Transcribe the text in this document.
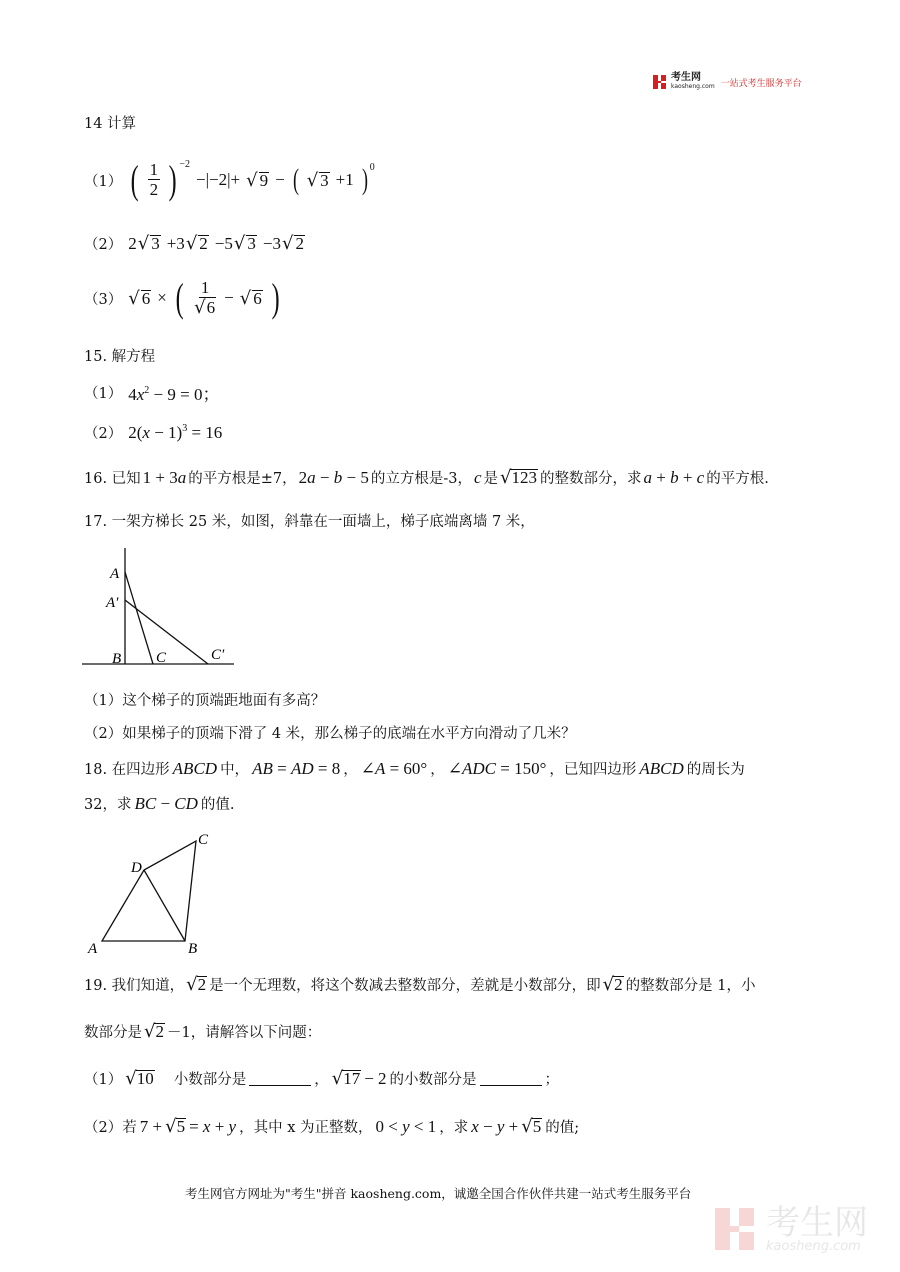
考生网
kaosheng.com 一站式考生服务平台
14 计算
（1） ( $\frac{1}{2}$ ) −2
−|−2|+ √ 9 − ( √ 3 +1 ) 0
（2） 2 √ 3 +3 √ 2 −5 √ 3 −3 √ 2
（3） √ 6 × ( $\frac{1}{√6}$ − √ 6 )
15. 解方程
（1） $4x^2 - 9 = 0$；
（2） $2(x - 1)^3 = 16$
16. 已知 1 + 3a 的平方根是±7， 2a − b − 5 的立方根是-3， c 是 √ 123 的整数部分，求 a + b + c 的平方根.
17. 一架方梯长 25 米，如图，斜靠在一面墙上，梯子底端离墙 7 米，
A
A′
B C	C′
（1）这个梯子的顶端距地面有多高？
（2）如果梯子的顶端下滑了 4 米，那么梯子的底端在水平方向滑动了几米？
18. 在四边形 ABCD 中， AB = AD = 8 ， ∠A = 60° ， ∠ADC = 150° ，已知四边形 ABCD 的周长为
32，求 BC − CD 的值.
A	B
C
D
19. 我们知道， √ 2 是一个无理数，将这个数减去整数部分，差就是小数部分，即 √ 2 的整数部分是 1，小
数部分是 √ 2 －1，请解答以下问题：
（1） √ 10 小数部分是	， √ 17 − 2 的小数部分是	；
（2）若 7 + √ 5 = x + y ，其中 x 为正整数， 0 < y < 1 ，求 x − y + √ 5 的值;
考生网官方网址为"考生"拼音 kaosheng.com，诚邀全国合作伙伴共建一站式考生服务平台
考生网
kaosheng.com
